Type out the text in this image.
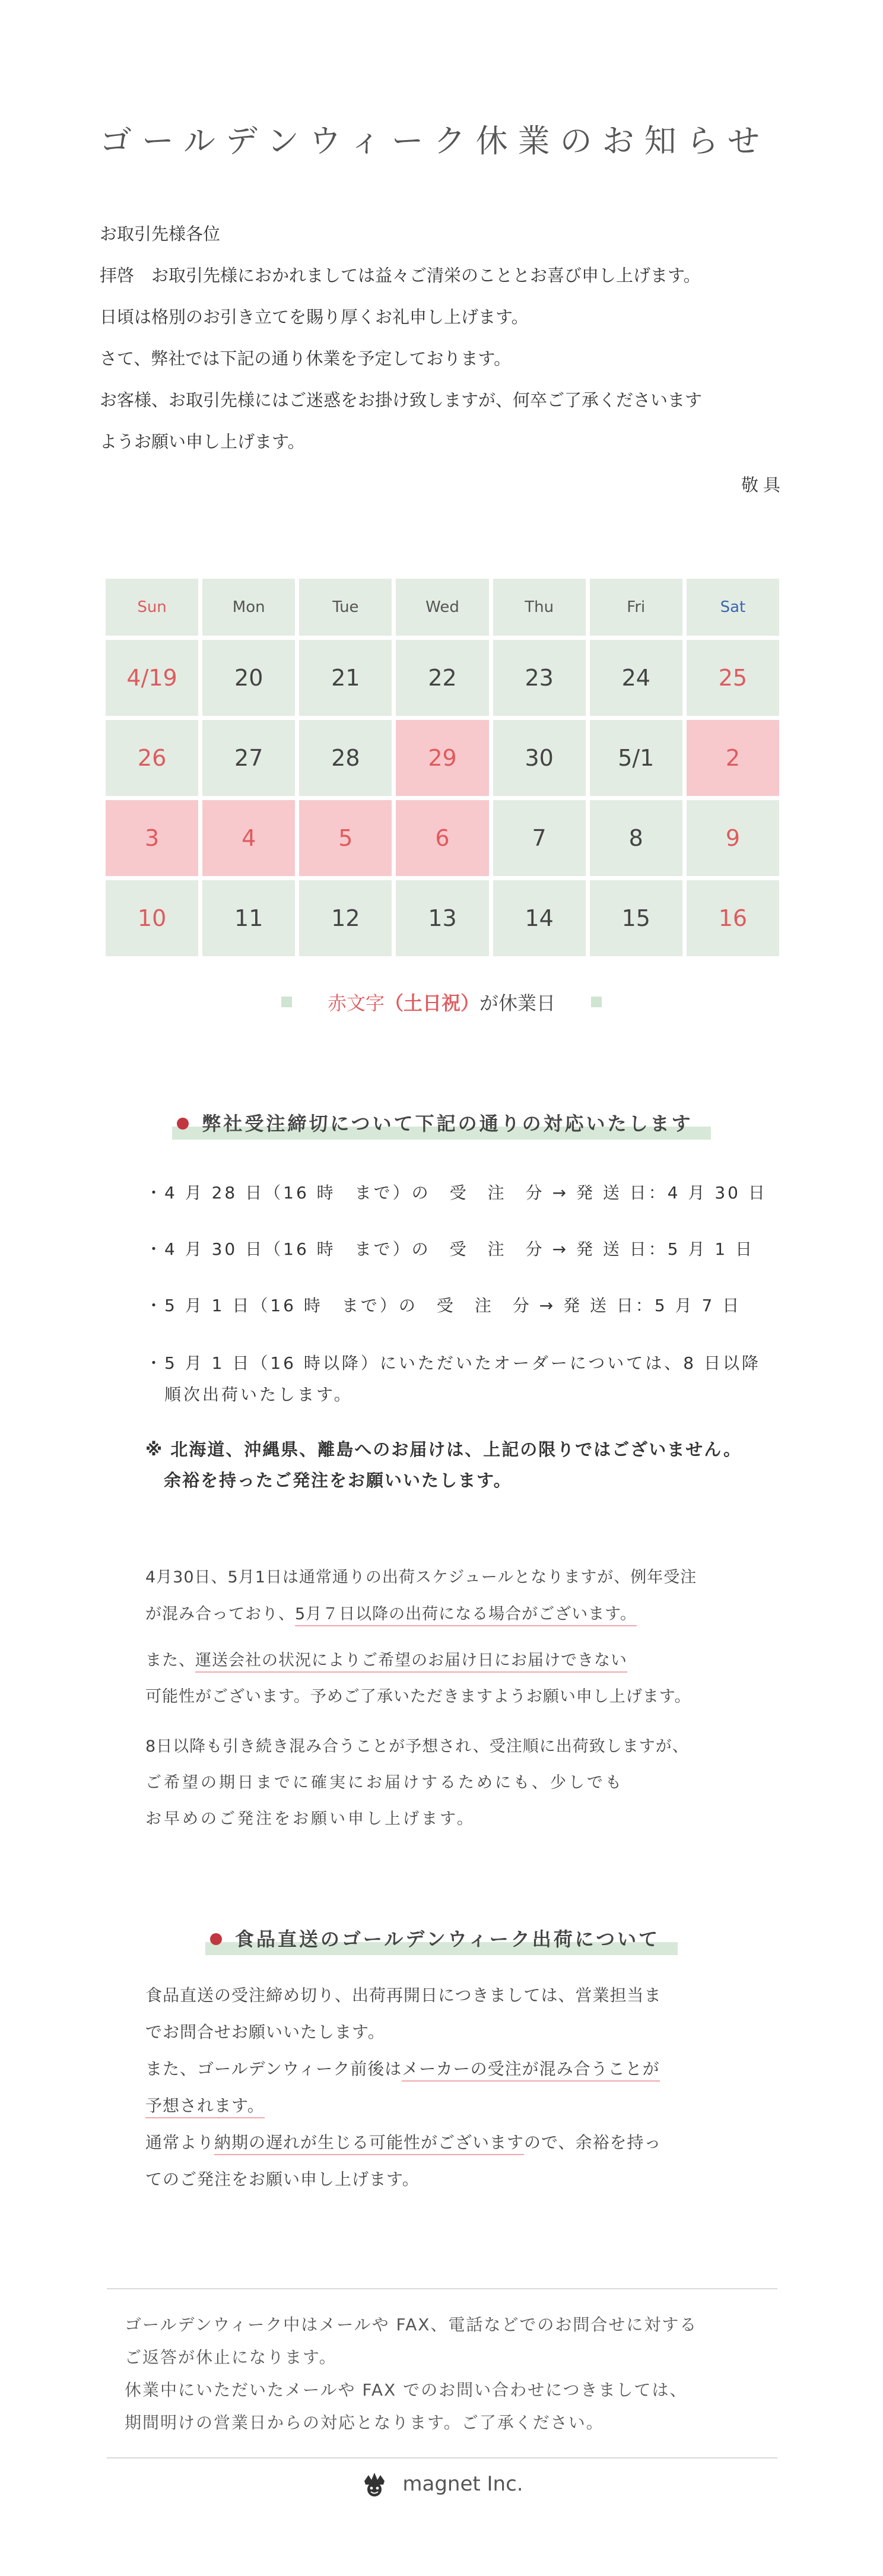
ゴールデンウィーク休業のお知らせ
お取引先様各位
拝啓　お取引先様におかれましては益々ご清栄のこととお喜び申し上げます。
日頃は格別のお引き立てを賜り厚くお礼申し上げます。
さて、弊社では下記の通り休業を予定しております。
お客様、お取引先様にはご迷惑をお掛け致しますが、何卒ご了承くださいます
ようお願い申し上げます。
敬具
Sun	Mon	Tue	Wed	Thu	Fri	Sat
4/19	20	21	22	23	24	25
26	27	28	29	30	5/1	2
3	4	5	6	7	8	9
10	11	12	13	14	15	16
赤文字 （土日祝） が休業日
弊社受注締切について下記の通りの対応いたします
・4 月 28 日（16 時　まで）の　受　注　分 → 発 送 日：4 月 30 日
・4 月 30 日（16 時　まで）の　受　注　分 → 発 送 日：5 月 1 日
・5 月 1 日（16 時　まで）の　受　注　分 → 発 送 日：5 月 7 日
・5 月 1 日（16 時以降）にいただいたオーダーについては、8 日以降
　順次出荷いたします。
※ 北海道、沖縄県、離島へのお届けは、上記の限りではございません。
　余裕を持ったご発注をお願いいたします。
4月30日、5月1日は通常通りの出荷スケジュールとなりますが、例年受注
が混み合っており、5月７日以降の出荷になる場合がございます。
また、運送会社の状況によりご希望のお届け日にお届けできない
可能性がございます。予めご了承いただきますようお願い申し上げます。
8日以降も引き続き混み合うことが予想され、受注順に出荷致しますが、
ご希望の期日までに確実にお届けするためにも、少しでも
お早めのご発注をお願い申し上げます。
食品直送のゴールデンウィーク出荷について
食品直送の受注締め切り、出荷再開日につきましては、営業担当ま
でお問合せお願いいたします。
また、ゴールデンウィーク前後はメーカーの受注が混み合うことが
予想されます。
通常より納期の遅れが生じる可能性がございますので、余裕を持っ
てのご発注をお願い申し上げます。
ゴールデンウィーク中はメールや FAX、電話などでのお問合せに対する
ご返答が休止になります。
休業中にいただいたメールや FAX でのお問い合わせにつきましては、
期間明けの営業日からの対応となります。ご了承ください。
magnet Inc.
